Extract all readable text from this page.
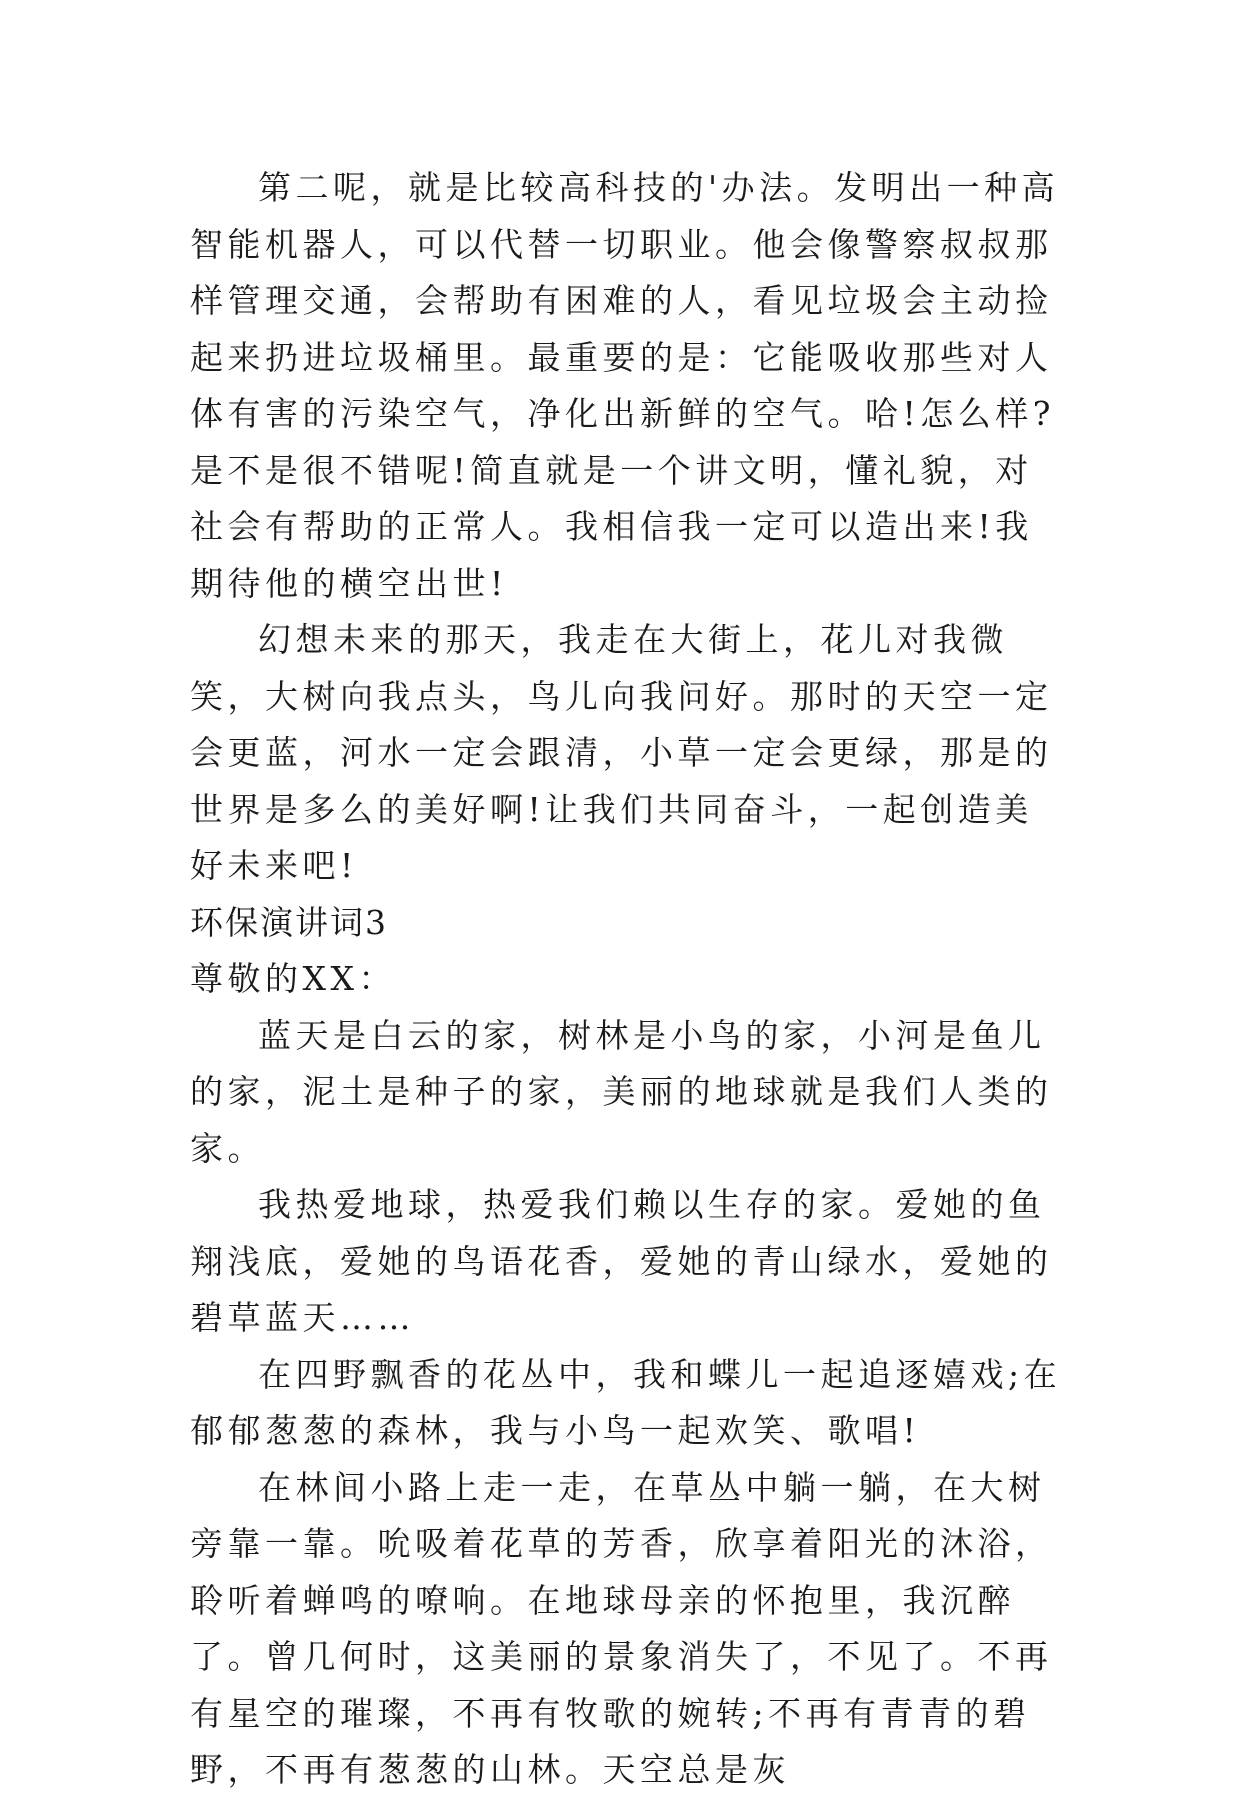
第二呢，就是比较高科技的'办法。发明出一种高智能机器人，可以代替一切职业。他会像警察叔叔那样管理交通，会帮助有困难的人，看见垃圾会主动捡起来扔进垃圾桶里。最重要的是：它能吸收那些对人体有害的污染空气，净化出新鲜的空气。哈!怎么样?是不是很不错呢!简直就是一个讲文明，懂礼貌，对社会有帮助的正常人。我相信我一定可以造出来!我期待他的横空出世!

幻想未来的那天，我走在大街上，花儿对我微笑，大树向我点头，鸟儿向我问好。那时的天空一定会更蓝，河水一定会跟清，小草一定会更绿，那是的世界是多么的美好啊!让我们共同奋斗，一起创造美好未来吧!

环保演讲词3

尊敬的XX：

蓝天是白云的家，树林是小鸟的家，小河是鱼儿的家，泥土是种子的家，美丽的地球就是我们人类的家。

我热爱地球，热爱我们赖以生存的家。爱她的鱼翔浅底，爱她的鸟语花香，爱她的青山绿水，爱她的碧草蓝天……

在四野飘香的花丛中，我和蝶儿一起追逐嬉戏;在郁郁葱葱的森林，我与小鸟一起欢笑、歌唱!

在林间小路上走一走，在草丛中躺一躺，在大树旁靠一靠。吮吸着花草的芳香，欣享着阳光的沐浴，聆听着蝉鸣的嘹响。在地球母亲的怀抱里，我沉醉了。曾几何时，这美丽的景象消失了，不见了。不再有星空的璀璨，不再有牧歌的婉转;不再有青青的碧野，不再有葱葱的山林。天空总是灰
